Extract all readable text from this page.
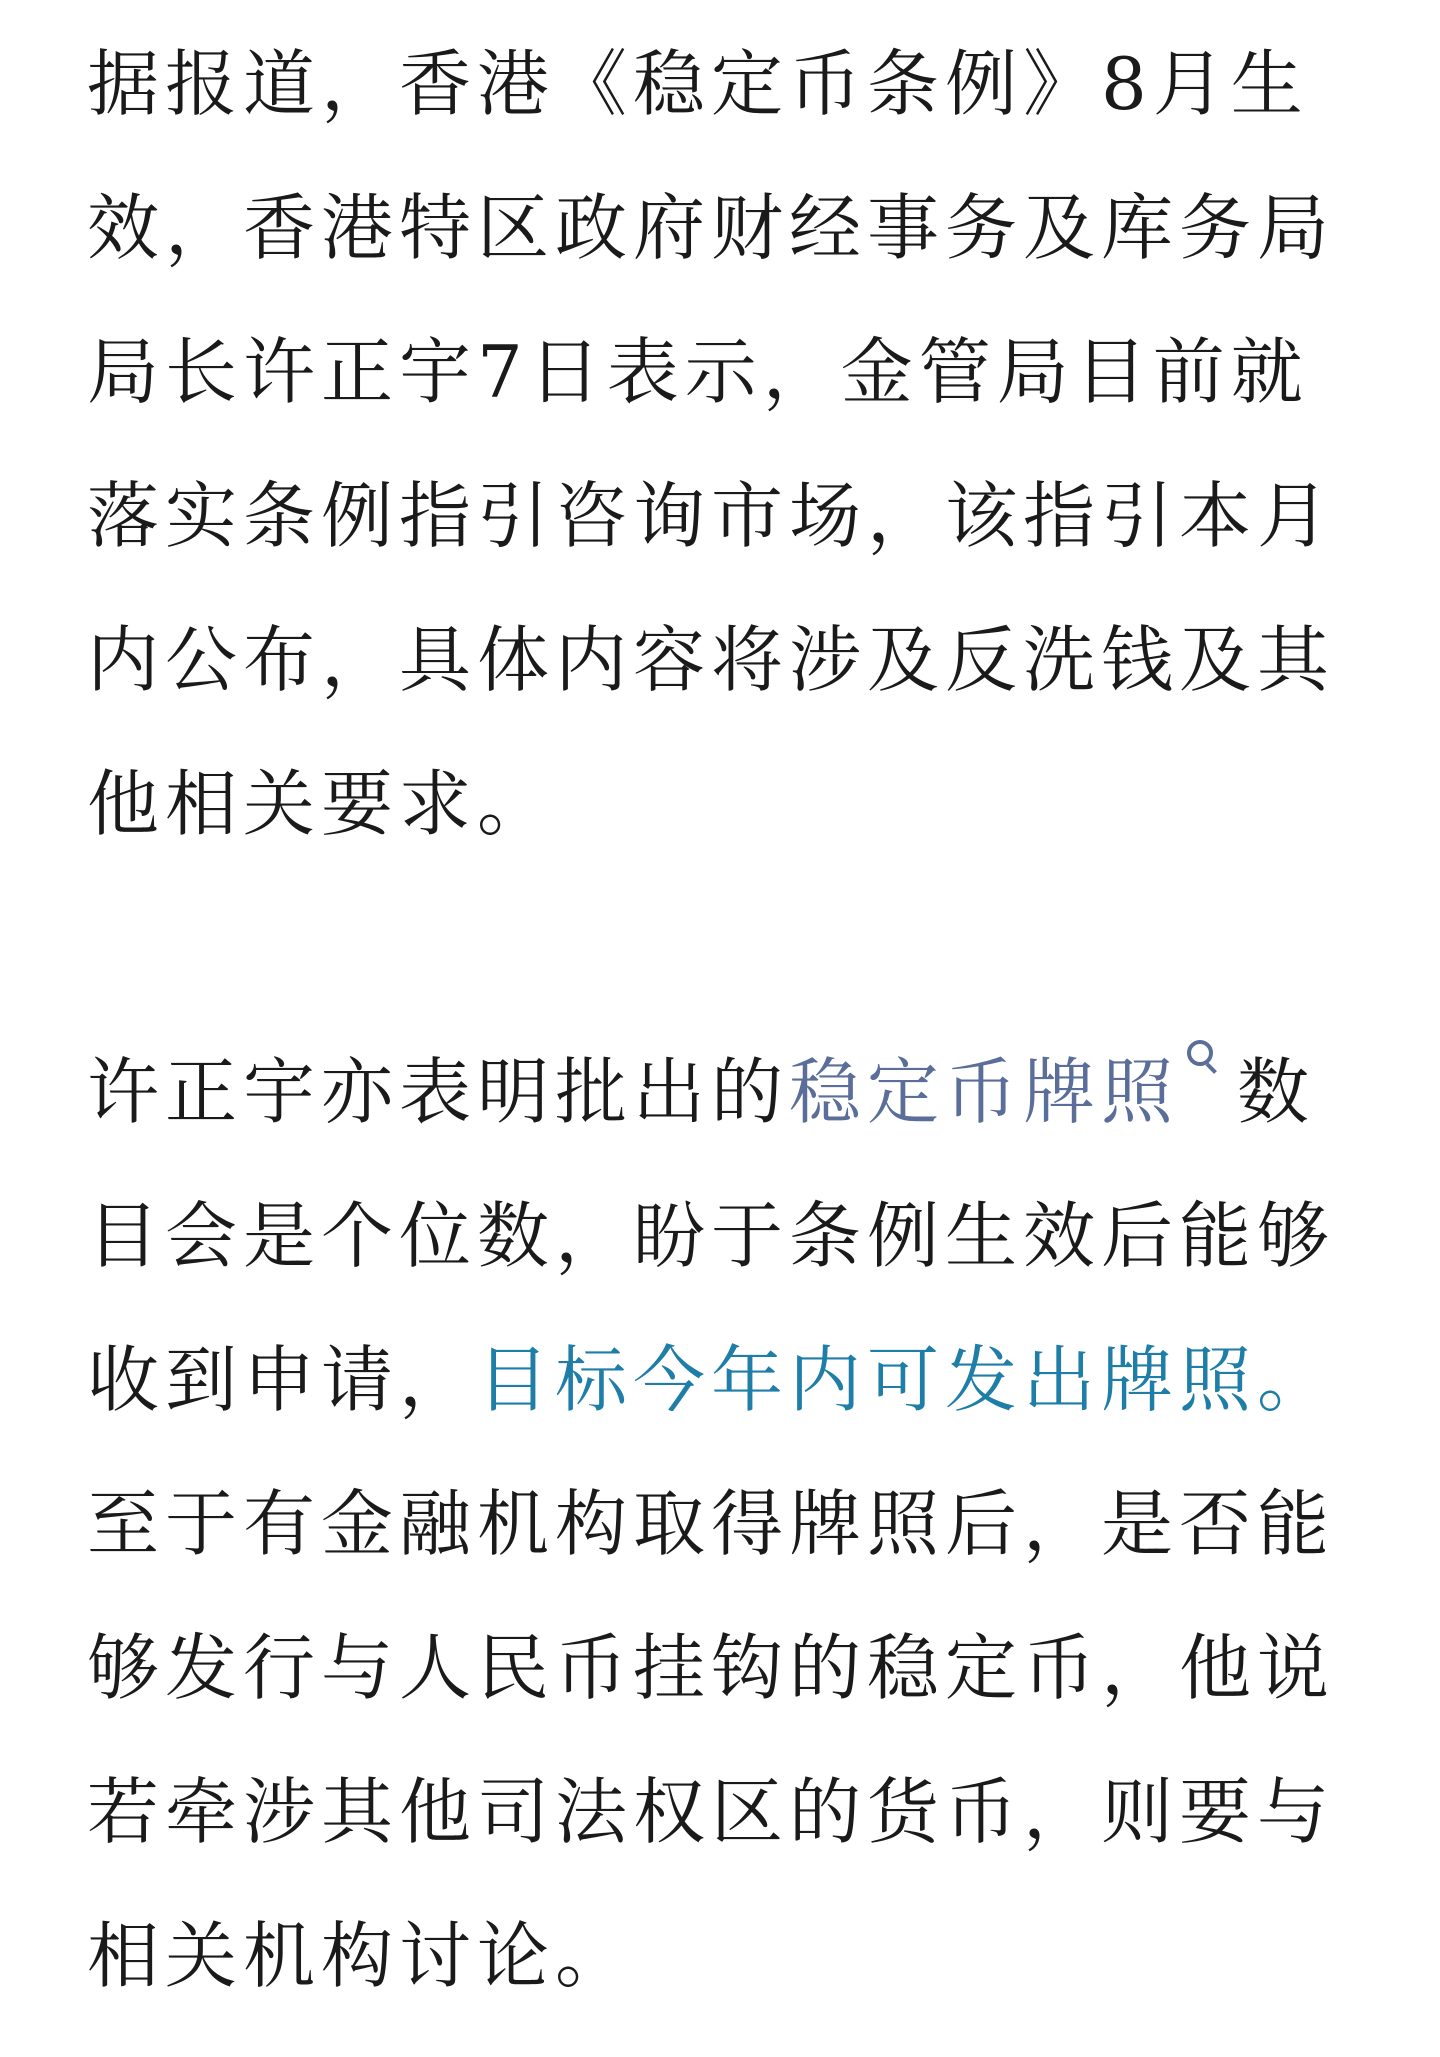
据报道，香港《稳定币条例》8月生
效，香港特区政府财经事务及库务局
局长许正宇7日表示，金管局目前就
落实条例指引咨询市场，该指引本月
内公布，具体内容将涉及反洗钱及其
他相关要求。

许正宇亦表明批出的稳定币牌照 数
目会是个位数，盼于条例生效后能够
收到申请，目标今年内可发出牌照。
至于有金融机构取得牌照后，是否能
够发行与人民币挂钩的稳定币，他说
若牵涉其他司法权区的货币，则要与
相关机构讨论。
